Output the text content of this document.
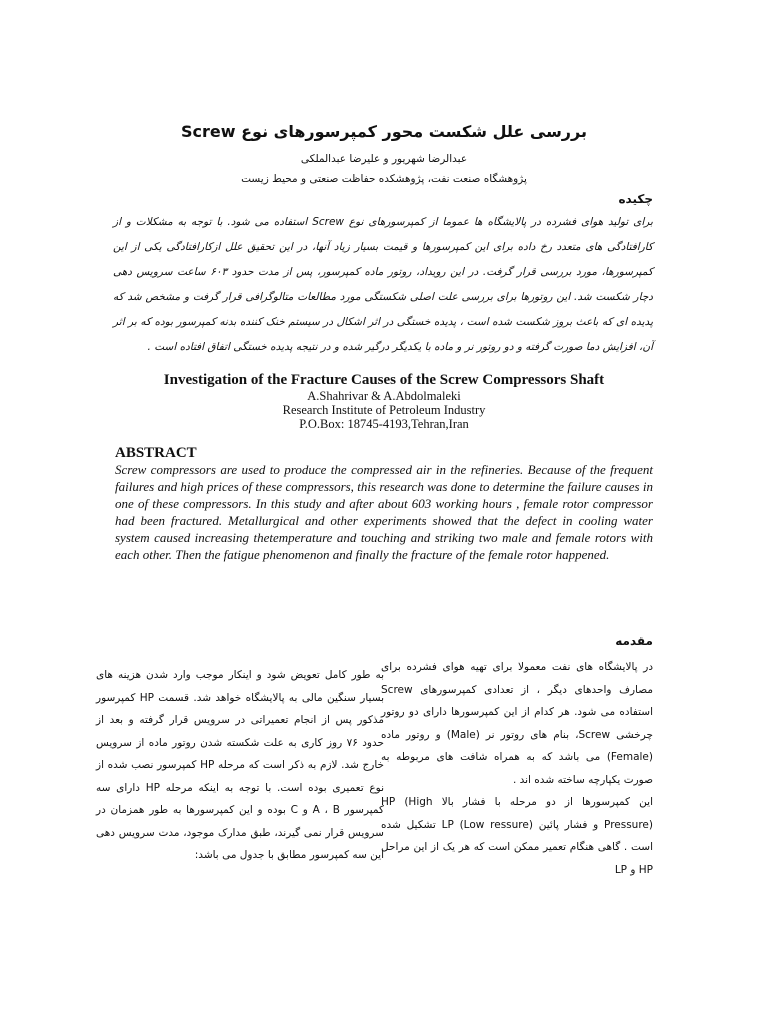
بررسی علل شکست محور کمپرسورهای نوع Screw
عبدالرضا شهریور و علیرضا عبدالملکی
پژوهشگاه صنعت نفت، پژوهشکده حفاظت صنعتی و محیط زیست
چکیده
برای تولید هوای فشرده در پالایشگاه ها عموما از کمپرسورهای نوع Screw استفاده می شود. با توجه به مشکلات و از کارافتادگی های متعدد رخ داده برای این کمپرسورها و قیمت بسیار زیاد آنها، در این تحقیق علل ازکارافتادگی یکی از این کمپرسورها، مورد بررسی قرار گرفت. در این رویداد، روتور ماده کمپرسور، پس از مدت حدود ۶۰۳ ساعت سرویس دهی دچار شکست شد. این روتورها برای بررسی علت اصلی شکستگی مورد مطالعات متالوگرافی قرار گرفت و مشخص شد که پدیده ای که باعث بروز شکست شده است ، پدیده خستگی در اثر اشکال در سیستم خنک کننده بدنه کمپرسور بوده که بر اثر آن، افزایش دما صورت گرفته و دو روتور نر و ماده با یکدیگر درگیر شده و در نتیجه پدیده خستگی اتفاق افتاده است .
Investigation of the Fracture Causes of the Screw Compressors Shaft
A.Shahrivar & A.Abdolmaleki
Research Institute of Petroleum Industry
P.O.Box: 18745-4193,Tehran,Iran
ABSTRACT
Screw compressors are used to produce the compressed air in the refineries. Because of the frequent failures and high prices of these compressors, this research was done to determine the failure causes in one of these compressors. In this study and after about 603 working hours , female rotor compressor had been fractured. Metallurgical and other experiments showed that the defect in cooling water system caused increasing thetemperature and touching and striking two male and female rotors with each other. Then the fatigue phenomenon and finally the fracture of the female rotor happened.
مقدمه

در پالایشگاه های نفت معمولا برای تهیه هوای فشرده برای مصارف واحدهای دیگر ، از تعدادی کمپرسورهای Screw استفاده می شود. هر کدام از این کمپرسورها دارای دو روتور چرخشی Screw، بنام های روتور نر (Male) و روتور ماده (Female) می باشد که به همراه شافت های مربوطه به صورت یکپارچه ساخته شده اند .

این کمپرسورها از دو مرحله با فشار بالا HP (High Pressure) و فشار پائین LP (Low ressure) تشکیل شده است . گاهی هنگام تعمیر ممکن است که هر یک از این مراحل HP و LP

به طور کامل تعویض شود و اینکار موجب وارد شدن هزینه های بسیار سنگین مالی به پالایشگاه خواهد شد. قسمت HP کمپرسور مذکور پس از انجام تعمیراتی در سرویس قرار گرفته و بعد از حدود ۷۶ روز کاری به علت شکسته شدن روتور ماده از سرویس خارج شد. لازم به ذکر است که مرحله HP کمپرسور نصب شده از نوع تعمیری بوده است. با توجه به اینکه مرحله HP دارای سه کمپرسور A ، B و C بوده و این کمپرسورها به طور همزمان در سرویس قرار نمی گیرند، طبق مدارک موجود، مدت سرویس دهی این سه کمپرسور مطابق با جدول می باشد:
